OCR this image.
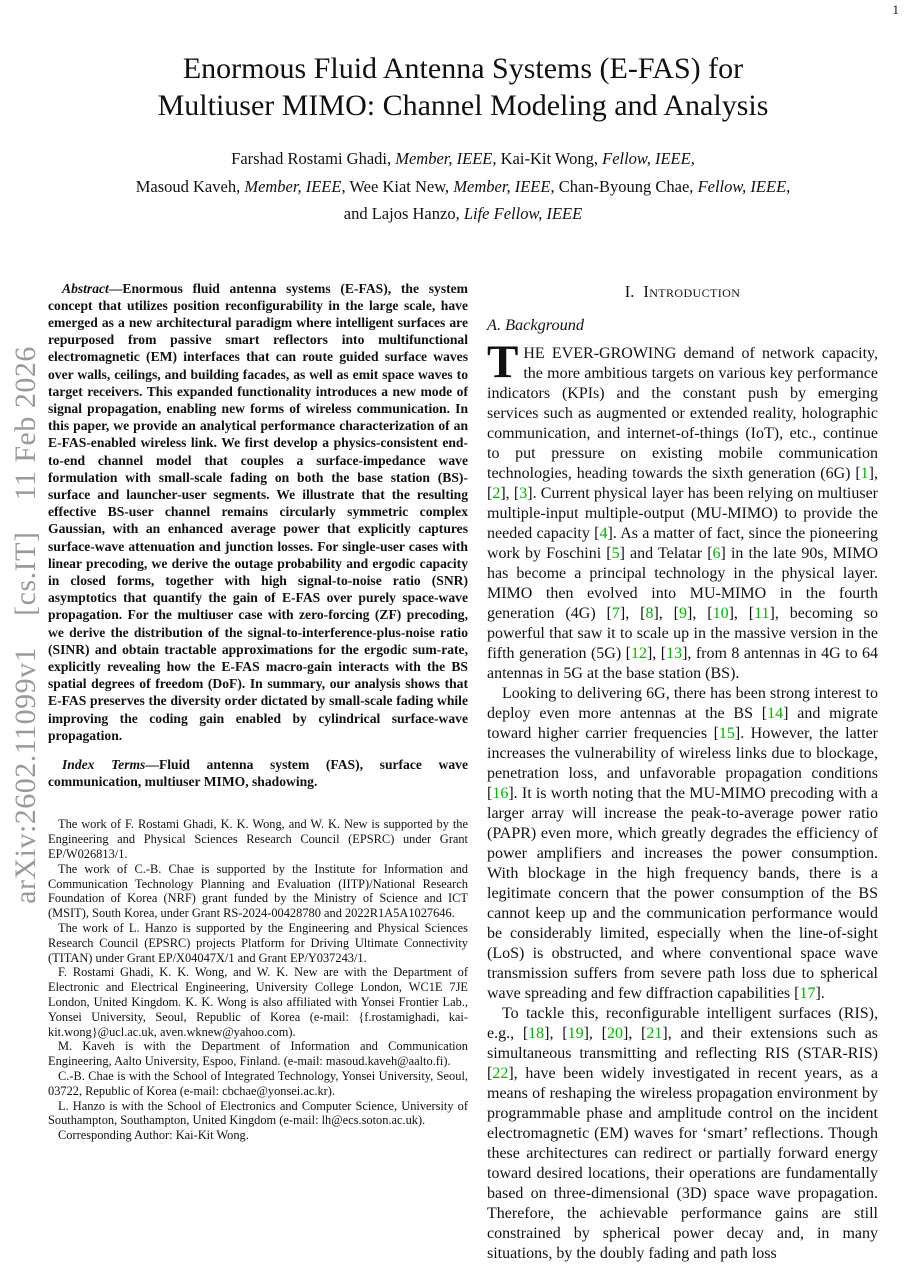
1
arXiv:2602.11099v1  [cs.IT]  11 Feb 2026
Enormous Fluid Antenna Systems (E-FAS) for
Multiuser MIMO: Channel Modeling and Analysis
Farshad Rostami Ghadi, Member, IEEE, Kai-Kit Wong, Fellow, IEEE,
Masoud Kaveh, Member, IEEE, Wee Kiat New, Member, IEEE, Chan-Byoung Chae, Fellow, IEEE,
and Lajos Hanzo, Life Fellow, IEEE

Abstract—Enormous fluid antenna systems (E-FAS), the system concept that utilizes position reconfigurability in the large scale, have emerged as a new architectural paradigm where intelligent surfaces are repurposed from passive smart reflectors into multifunctional electromagnetic (EM) interfaces that can route guided surface waves over walls, ceilings, and building facades, as well as emit space waves to target receivers. This expanded functionality introduces a new mode of signal propagation, enabling new forms of wireless communication. In this paper, we provide an analytical performance characterization of an E-FAS-enabled wireless link. We first develop a physics-consistent end-to-end channel model that couples a surface-impedance wave formulation with small-scale fading on both the base station (BS)-surface and launcher-user segments. We illustrate that the resulting effective BS-user channel remains circularly symmetric complex Gaussian, with an enhanced average power that explicitly captures surface-wave attenuation and junction losses. For single-user cases with linear precoding, we derive the outage probability and ergodic capacity in closed forms, together with high signal-to-noise ratio (SNR) asymptotics that quantify the gain of E-FAS over purely space-wave propagation. For the multiuser case with zero-forcing (ZF) precoding, we derive the distribution of the signal-to-interference-plus-noise ratio (SINR) and obtain tractable approximations for the ergodic sum-rate, explicitly revealing how the E-FAS macro-gain interacts with the BS spatial degrees of freedom (DoF). In summary, our analysis shows that E-FAS preserves the diversity order dictated by small-scale fading while improving the coding gain enabled by cylindrical surface-wave propagation.

Index Terms—Fluid antenna system (FAS), surface wave communication, multiuser MIMO, shadowing.

The work of F. Rostami Ghadi, K. K. Wong, and W. K. New is supported by the Engineering and Physical Sciences Research Council (EPSRC) under Grant EP/W026813/1.

The work of C.-B. Chae is supported by the Institute for Information and Communication Technology Planning and Evaluation (IITP)/National Research Foundation of Korea (NRF) grant funded by the Ministry of Science and ICT (MSIT), South Korea, under Grant RS-2024-00428780 and 2022R1A5A1027646.

The work of L. Hanzo is supported by the Engineering and Physical Sciences Research Council (EPSRC) projects Platform for Driving Ultimate Connectivity (TITAN) under Grant EP/X04047X/1 and Grant EP/Y037243/1.

F. Rostami Ghadi, K. K. Wong, and W. K. New are with the Department of Electronic and Electrical Engineering, University College London, WC1E 7JE London, United Kingdom. K. K. Wong is also affiliated with Yonsei Frontier Lab., Yonsei University, Seoul, Republic of Korea (e-mail: {f.rostamighadi, kai-kit.wong}@ucl.ac.uk, aven.wknew@yahoo.com).

M. Kaveh is with the Department of Information and Communication Engineering, Aalto University, Espoo, Finland. (e-mail: masoud.kaveh@aalto.fi).

C.-B. Chae is with the School of Integrated Technology, Yonsei University, Seoul, 03722, Republic of Korea (e-mail: cbchae@yonsei.ac.kr).

L. Hanzo is with the School of Electronics and Computer Science, University of Southampton, Southampton, United Kingdom (e-mail: lh@ecs.soton.ac.uk).

Corresponding Author: Kai-Kit Wong.

I. Introduction
A. Background

THE EVER-GROWING demand of network capacity, the more ambitious targets on various key performance indicators (KPIs) and the constant push by emerging services such as augmented or extended reality, holographic communication, and internet-of-things (IoT), etc., continue to put pressure on existing mobile communication technologies, heading towards the sixth generation (6G) [1], [2], [3]. Current physical layer has been relying on multiuser multiple-input multiple-output (MU-MIMO) to provide the needed capacity [4]. As a matter of fact, since the pioneering work by Foschini [5] and Telatar [6] in the late 90s, MIMO has become a principal technology in the physical layer. MIMO then evolved into MU-MIMO in the fourth generation (4G) [7], [8], [9], [10], [11], becoming so powerful that saw it to scale up in the massive version in the fifth generation (5G) [12], [13], from 8 antennas in 4G to 64 antennas in 5G at the base station (BS).

Looking to delivering 6G, there has been strong interest to deploy even more antennas at the BS [14] and migrate toward higher carrier frequencies [15]. However, the latter increases the vulnerability of wireless links due to blockage, penetration loss, and unfavorable propagation conditions [16]. It is worth noting that the MU-MIMO precoding with a larger array will increase the peak-to-average power ratio (PAPR) even more, which greatly degrades the efficiency of power amplifiers and increases the power consumption. With blockage in the high frequency bands, there is a legitimate concern that the power consumption of the BS cannot keep up and the communication performance would be considerably limited, especially when the line-of-sight (LoS) is obstructed, and where conventional space wave transmission suffers from severe path loss due to spherical wave spreading and few diffraction capabilities [17].

To tackle this, reconfigurable intelligent surfaces (RIS), e.g., [18], [19], [20], [21], and their extensions such as simultaneous transmitting and reflecting RIS (STAR-RIS) [22], have been widely investigated in recent years, as a means of reshaping the wireless propagation environment by programmable phase and amplitude control on the incident electromagnetic (EM) waves for ‘smart’ reflections. Though these architectures can redirect or partially forward energy toward desired locations, their operations are fundamentally based on three-dimensional (3D) space wave propagation. Therefore, the achievable performance gains are still constrained by spherical power decay and, in many situations, by the doubly fading and path loss
